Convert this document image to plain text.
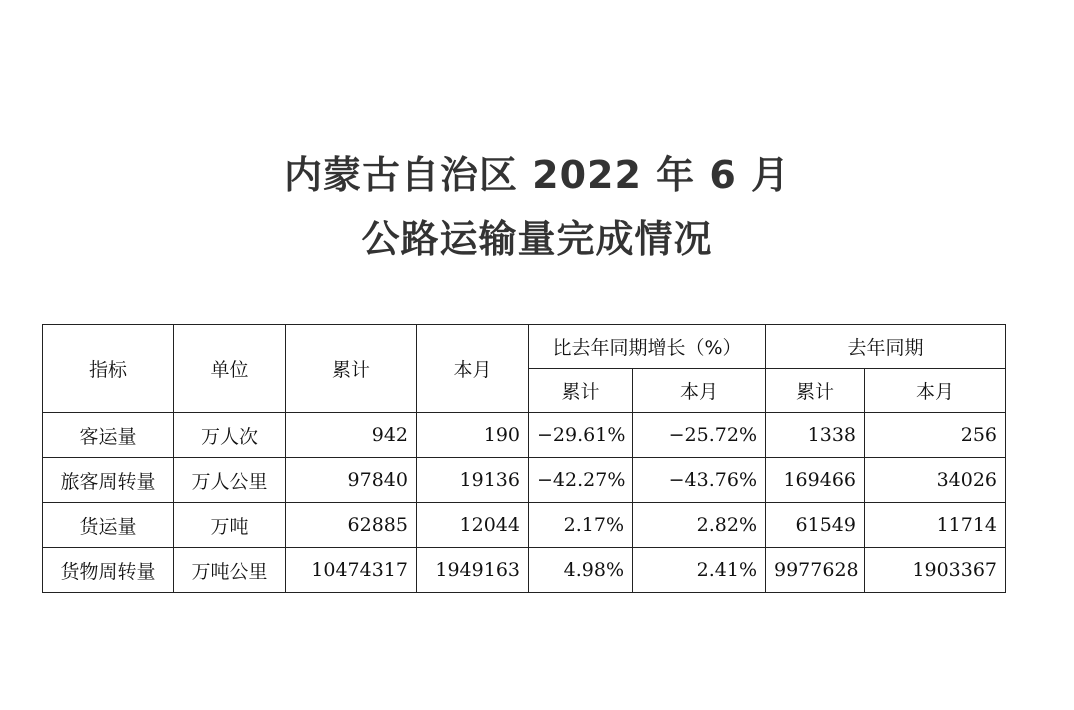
内蒙古自治区 2022 年 6 月
公路运输量完成情况
指标	单位	累计	本月	比去年同期增长（%）		去年同期	
				累计	本月	累计	本月
客运量	万人次	942	190	−29.61%	−25.72%	1338	256
旅客周转量	万人公里	97840	19136	−42.27%	−43.76%	169466	34026
货运量	万吨	62885	12044	2.17%	2.82%	61549	11714
货物周转量	万吨公里	10474317	1949163	4.98%	2.41%	9977628	1903367
